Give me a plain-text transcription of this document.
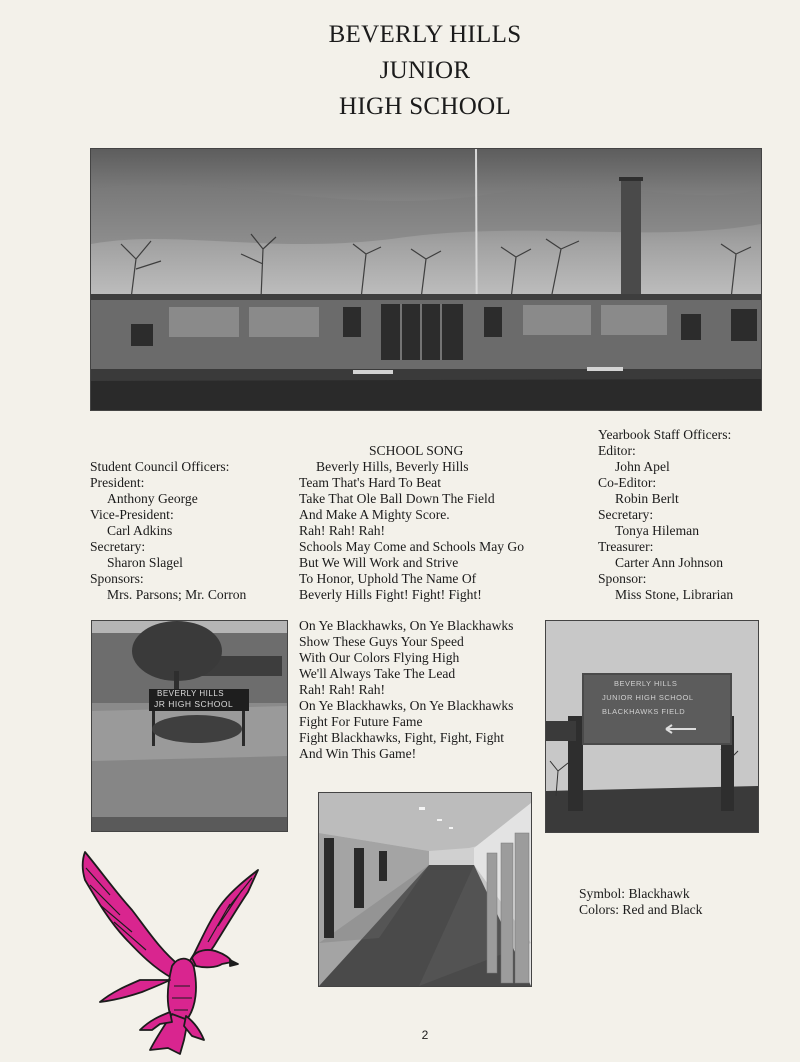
BEVERLY HILLS
JUNIOR
HIGH SCHOOL
Student Council Officers:
President:
Anthony George
Vice-President:
Carl Adkins
Secretary:
Sharon Slagel
Sponsors:
Mrs. Parsons; Mr. Corron
SCHOOL SONG
Beverly Hills, Beverly Hills
Team That's Hard To Beat
Take That Ole Ball Down The Field
And Make A Mighty Score.
Rah! Rah! Rah!
Schools May Come and Schools May Go
But We Will Work and Strive
To Honor, Uphold The Name Of
Beverly Hills Fight! Fight! Fight!
On Ye Blackhawks, On Ye Blackhawks
Show These Guys Your Speed
With Our Colors Flying High
We'll Always Take The Lead
Rah! Rah! Rah!
On Ye Blackhawks, On Ye Blackhawks
Fight For Future Fame
Fight Blackhawks, Fight, Fight, Fight
And Win This Game!
Yearbook Staff Officers:
Editor:
John Apel
Co-Editor:
Robin Berlt
Secretary:
Tonya Hileman
Treasurer:
Carter Ann Johnson
Sponsor:
Miss Stone, Librarian
BEVERLY HILLS
JR HIGH SCHOOL
BEVERLY HILLS
JUNIOR HIGH SCHOOL
BLACKHAWKS FIELD
Symbol: Blackhawk
Colors: Red and Black
2
